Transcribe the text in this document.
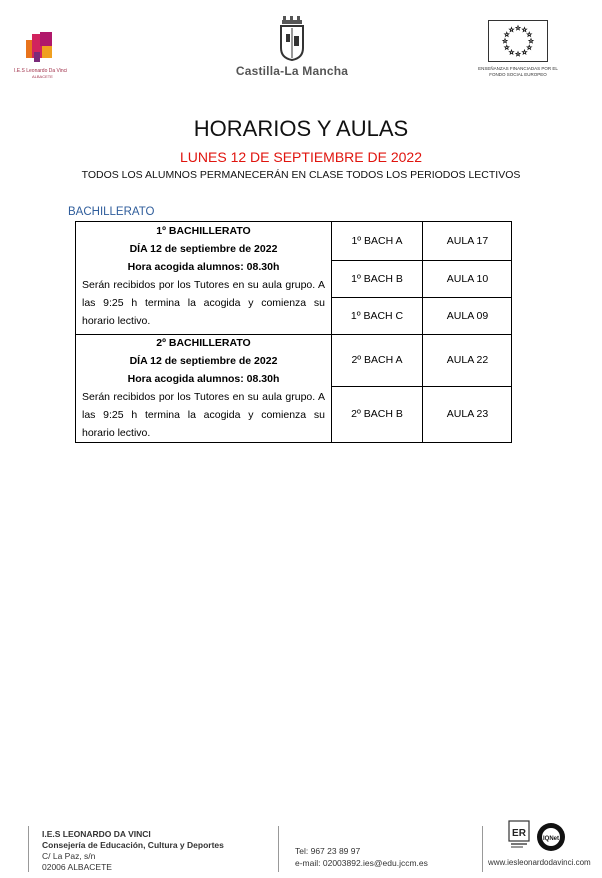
I.E.S Leonardo Da Vinci
ALBACETE	Castilla-La Mancha	ENSEÑANZAS FINANCIADAS POR EL
FONDO SOCIAL EUROPEO
HORARIOS Y AULAS
LUNES 12 DE SEPTIEMBRE DE 2022
TODOS LOS ALUMNOS PERMANECERÁN EN CLASE TODOS LOS PERIODOS LECTIVOS
BACHILLERATO
1º BACHILLERATO
DÍA 12 de septiembre de 2022
Hora acogida alumnos: 08.30h
Serán recibidos por los Tutores en su aula grupo. A
las 9:25 h termina la acogida y comienza su
horario lectivo.
2º BACHILLERATO
DÍA 12 de septiembre de 2022
Hora acogida alumnos: 08.30h
Serán recibidos por los Tutores en su aula grupo. A
las 9:25 h termina la acogida y comienza su
horario lectivo.
1º BACH A	AULA 17
1º BACH B	AULA 10
1º BACH C	AULA 09
2º BACH A	AULA 22
2º BACH B	AULA 23
I.E.S LEONARDO DA VINCI
Consejería de Educación, Cultura y Deportes
C/ La Paz, s/n
02006 ALBACETE
Tel: 967 23 89 97
e-mail: 02003892.ies@edu.jccm.es
ER	IQNet
www.iesleonardodavinci.com
